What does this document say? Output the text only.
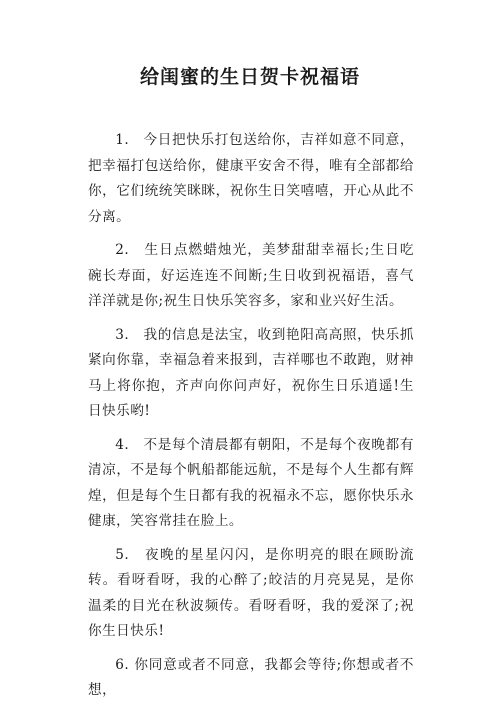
给闺蜜的生日贺卡祝福语

1.　今日把快乐打包送给你，吉祥如意不同意，把幸福打包送给你，健康平安舍不得，唯有全部都给你，它们统统笑眯眯，祝你生日笑嘻嘻，开心从此不分离。

2.　生日点燃蜡烛光，美梦甜甜幸福长;生日吃碗长寿面，好运连连不间断;生日收到祝福语，喜气洋洋就是你;祝生日快乐笑容多，家和业兴好生活。

3.　我的信息是法宝，收到艳阳高高照，快乐抓紧向你靠，幸福急着来报到，吉祥哪也不敢跑，财神马上将你抱，齐声向你问声好，祝你生日乐逍遥!生日快乐哟!

4.　不是每个清晨都有朝阳，不是每个夜晚都有清凉，不是每个帆船都能远航，不是每个人生都有辉煌，但是每个生日都有我的祝福永不忘，愿你快乐永健康，笑容常挂在脸上。

5.　夜晚的星星闪闪，是你明亮的眼在顾盼流转。看呀看呀，我的心醉了;皎洁的月亮晃晃，是你温柔的目光在秋波频传。看呀看呀，我的爱深了;祝你生日快乐!

6. 你同意或者不同意，我都会等待;你想或者不想，
